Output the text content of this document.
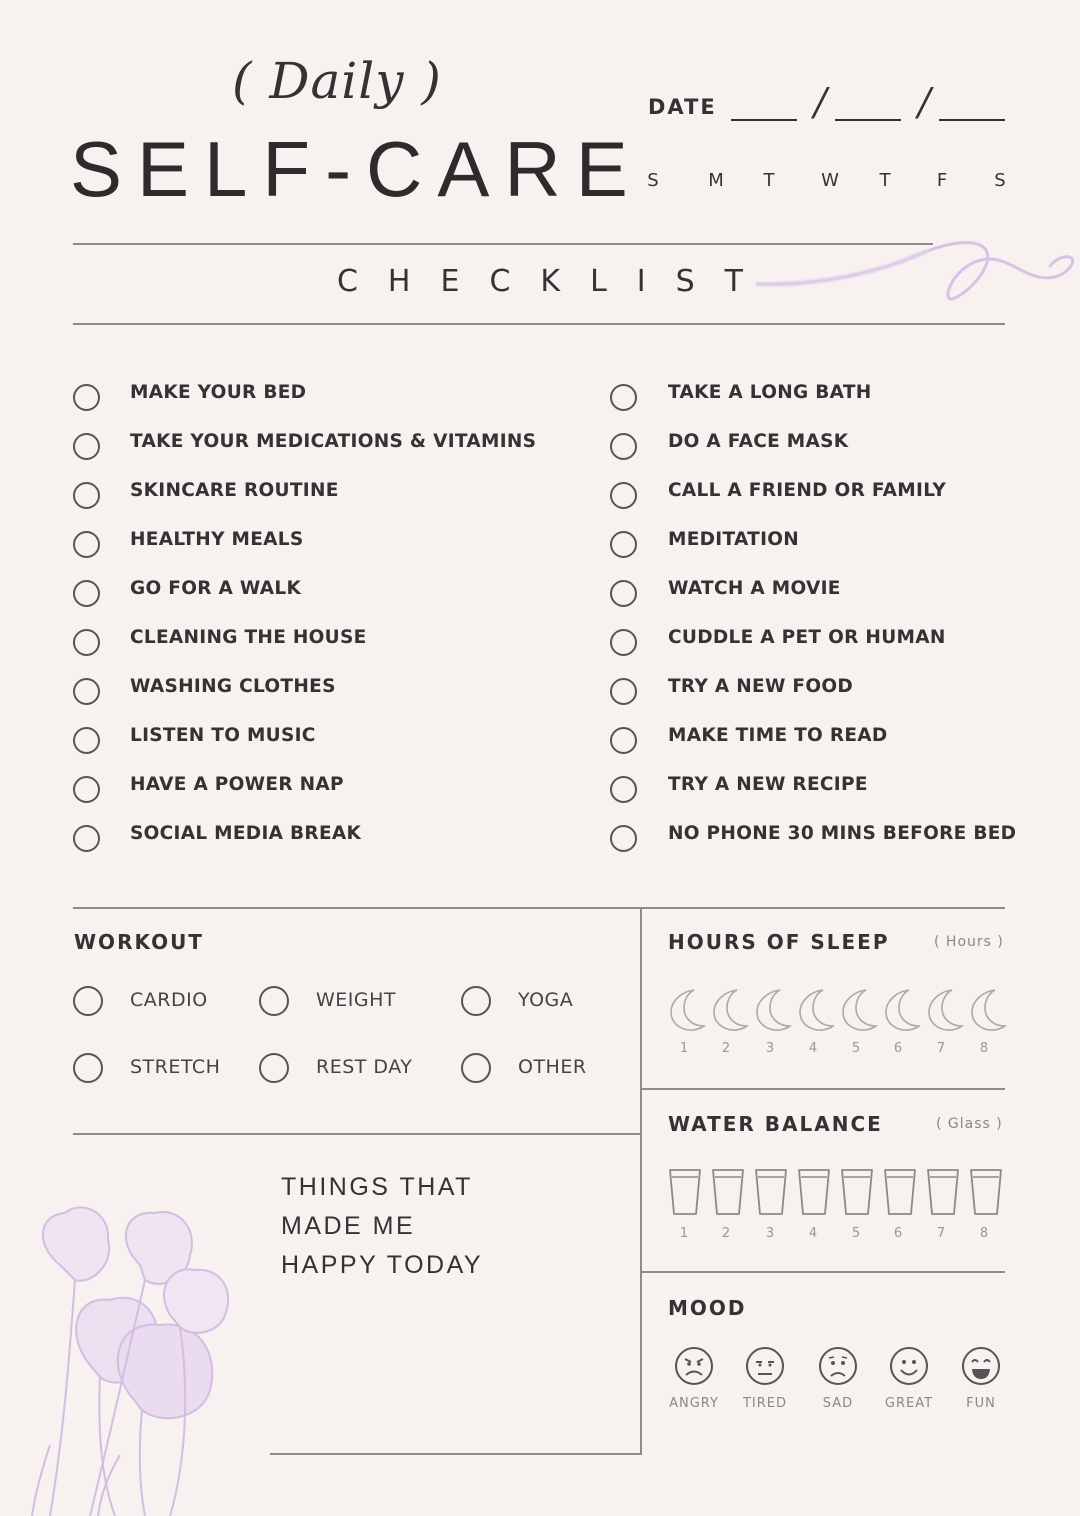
( Daily )
SELF-CARE
DATE	/ /
S	M T	W T	F	S
CHECKLIST
MAKE YOUR BED
TAKE YOUR MEDICATIONS & VITAMINS
SKINCARE ROUTINE
HEALTHY MEALS
GO FOR A WALK
CLEANING THE HOUSE
WASHING CLOTHES
LISTEN TO MUSIC
HAVE A POWER NAP
SOCIAL MEDIA BREAK
TAKE A LONG BATH
DO A FACE MASK
CALL A FRIEND OR FAMILY
MEDITATION
WATCH A MOVIE
CUDDLE A PET OR HUMAN
TRY A NEW FOOD
MAKE TIME TO READ
TRY A NEW RECIPE
NO PHONE 30 MINS BEFORE BED
WORKOUT
CARDIO	WEIGHT	YOGA
STRETCH	REST DAY	OTHER
THINGS THAT
MADE ME
HAPPY TODAY
HOURS OF SLEEP	( Hours )
1	2	3	4	5	6	7	8
WATER BALANCE	( Glass )
1	2	3	4	5	6	7	8
MOOD
ANGRY	TIRED	SAD	GREAT	FUN
